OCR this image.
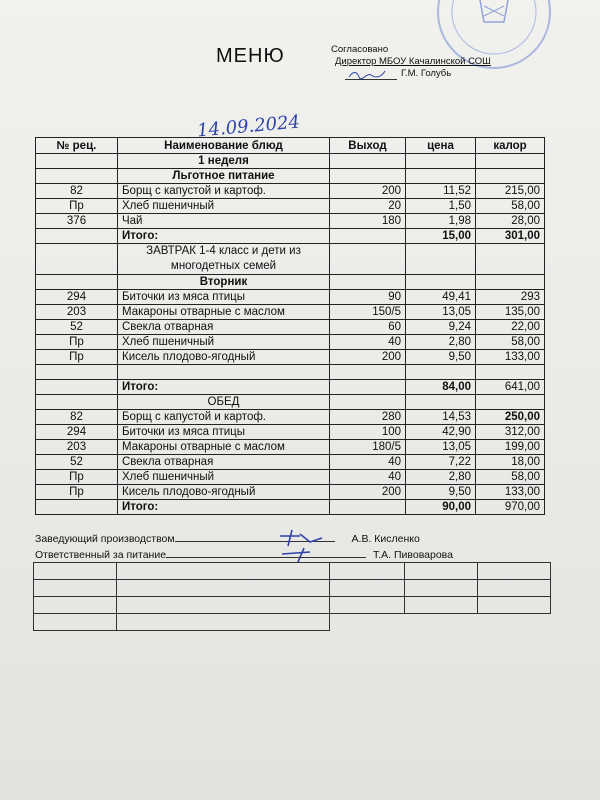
МЕНЮ	Согласовано
Директор МБОУ Качалинской СОШ
Г.М. Голубь
14.09.2024
№ рец.	Наименование блюд	Выход	цена	калор
	1 неделя			
	Льготное питание			
82	Борщ с капустой и картоф.	200	11,52	215,00
Пр	Хлеб пшеничный	20	1,50	58,00
376	Чай	180	1,98	28,00
	Итого:		15,00	301,00
	ЗАВТРАК 1-4 класс и дети из многодетных семей			
	Вторник			
294	Биточки из мяса птицы	90	49,41	293
203	Макароны отварные с маслом	150/5	13,05	135,00
52	Свекла отварная	60	9,24	22,00
Пр	Хлеб пшеничный	40	2,80	58,00
Пр	Кисель плодово-ягодный	200	9,50	133,00

	Итого:		84,00	641,00
	ОБЕД			
82	Борщ с капустой и картоф.	280	14,53	250,00
294	Биточки из мяса птицы	100	42,90	312,00
203	Макароны отварные с маслом	180/5	13,05	199,00
52	Свекла отварная	40	7,22	18,00
Пр	Хлеб пшеничный	40	2,80	58,00
Пр	Кисель плодово-ягодный	200	9,50	133,00
	Итого:		90,00	970,00
Заведующий производством	А.В. Кисленко
Ответственный за питание	Т.А. Пивоварова
